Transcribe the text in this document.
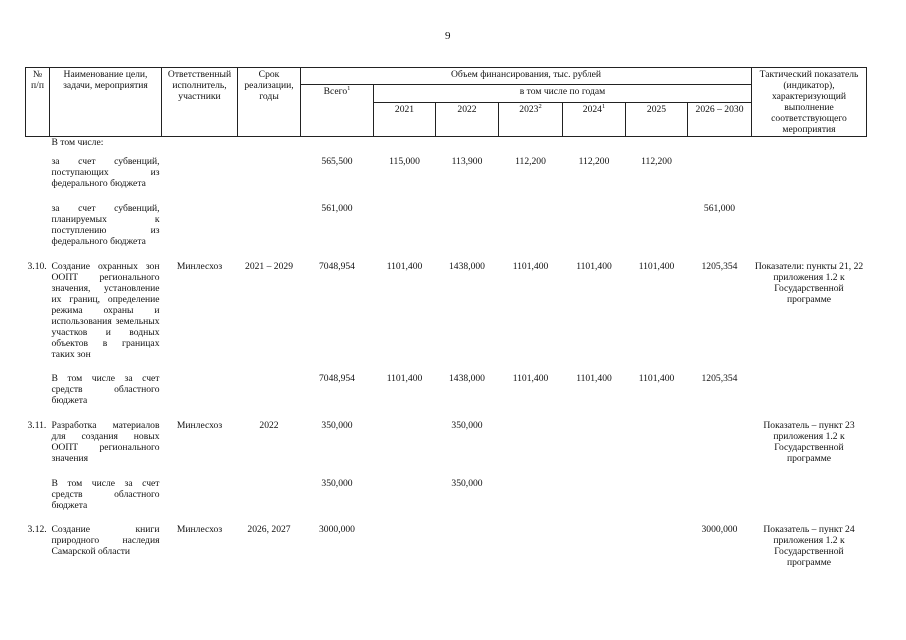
9
№ п/п	Наименование цели, задачи, мероприятия	Ответственный исполнитель, участники	Срок реализации, годы	Объем финансирования, тыс. рублей							Тактический показатель (индикатор), характеризующий выполнение соответствующего мероприятия
				Всего$^1$	в том числе по годам						
					2021	2022	2023$^2$	2024$^1$	2025	2026 – 2030	
	В том числе:										
	за счет субвенций, поступающих из федерального бюджета			565,500	115,000	113,900	112,200	112,200	112,200		
	за счет субвенций, планируемых к поступлению из федерального бюджета			561,000						561,000	
3.10.	Создание охранных зон ООПТ регионального значения, установление их границ, определение режима охраны и использования земельных участков и водных объектов в границах таких зон	Минлесхоз	2021 – 2029	7048,954	1101,400	1438,000	1101,400	1101,400	1101,400	1205,354	Показатели: пункты 21, 22 приложения 1.2 к Государственной программе
	В том числе за счет средств областного бюджета			7048,954	1101,400	1438,000	1101,400	1101,400	1101,400	1205,354	
3.11.	Разработка материалов для создания новых ООПТ регионального значения	Минлесхоз	2022	350,000		350,000					Показатель – пункт 23 приложения 1.2 к Государственной программе
	В том числе за счет средств областного бюджета			350,000		350,000					
3.12.	Создание книги природного наследия Самарской области	Минлесхоз	2026, 2027	3000,000						3000,000	Показатель – пункт 24 приложения 1.2 к Государственной программе
